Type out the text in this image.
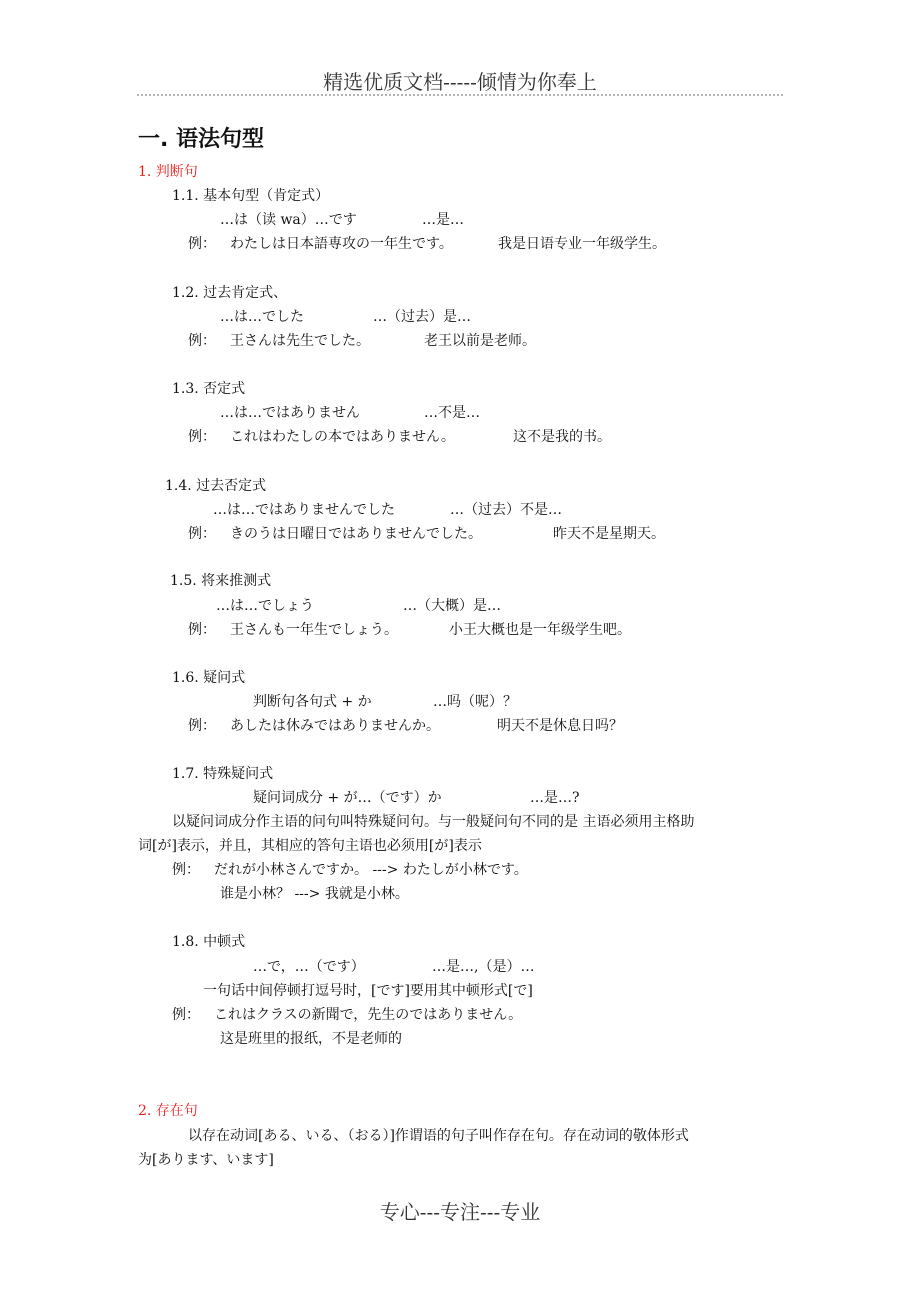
精选优质文档-----倾情为你奉上
一. 语法句型
1. 判断句
1.1. 基本句型（肯定式）
…は（读 wa）…です	…是…
例： わたしは日本語専攻の一年生です。	我是日语专业一年级学生。
1.2. 过去肯定式、
…は…でした	…（过去）是…
例： 王さんは先生でした。	老王以前是老师。
1.3. 否定式
…は…ではありません	…不是…
例： これはわたしの本ではありません。	这不是我的书。
1.4. 过去否定式
…は…ではありませんでした	…（过去）不是…
例： きのうは日曜日ではありませんでした。	昨天不是星期天。
1.5. 将来推测式
…は…でしょう	…（大概）是…
例： 王さんも一年生でしょう。	小王大概也是一年级学生吧。
1.6. 疑问式
判断句各句式 + か	…吗（呢）？
例： あしたは休みではありませんか。	明天不是休息日吗？
1.7. 特殊疑问式
疑问词成分 + が…（です）か	…是…?
以疑问词成分作主语的问句叫特殊疑问句。与一般疑问句不同的是 主语必须用主格助
词[が]表示，并且，其相应的答句主语也必须用[が]表示
例： だれが小林さんですか。 ---> わたしが小林です。
谁是小林？ ---> 我就是小林。
1.8. 中顿式
…で，…（です）	…是…,（是）…
一句话中间停顿打逗号时，[です]要用其中顿形式[で]
例： これはクラスの新聞で，先生のではありません。
这是班里的报纸，不是老师的
2. 存在句
以存在动词[ある、いる、（おる）]作谓语的句子叫作存在句。存在动词的敬体形式
为[あります、います]
专心---专注---专业
